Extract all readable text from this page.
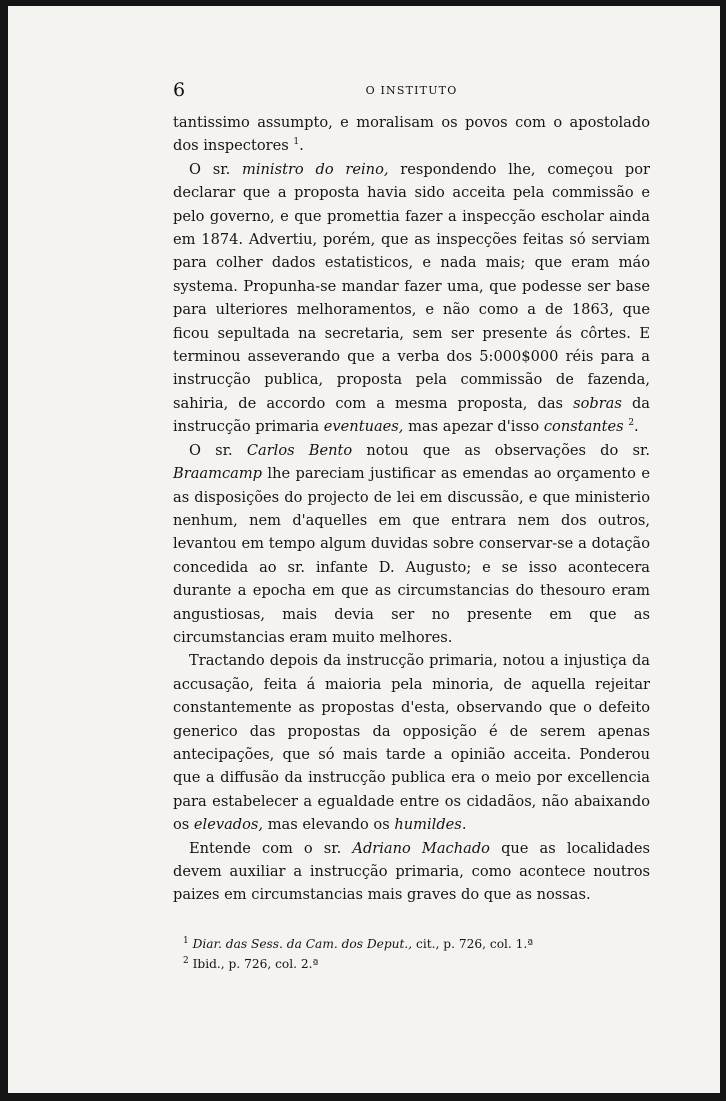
6	O INSTITUTO

tantissimo assumpto, e moralisam os povos com o apostolado dos inspectores $^1$.

O sr. ministro do reino, respondendo lhe, começou por declarar que a proposta havia sido acceita pela commissão e pelo governo, e que promettia fazer a inspecção escholar ainda em 1874. Advertiu, porém, que as inspecções feitas só serviam para colher dados estatisticos, e nada mais; que eram máo systema. Propunha-se mandar fazer uma, que podesse ser base para ulteriores melhoramentos, e não como a de 1863, que ficou sepultada na secretaria, sem ser presente ás côrtes. E terminou asseverando que a verba dos 5:000$000 réis para a instrucção publica, proposta pela commissão de fazenda, sahiria, de accordo com a mesma proposta, das sobras da instrucção primaria eventuaes, mas apezar d'isso constantes $^2$.

O sr. Carlos Bento notou que as observações do sr. Braamcamp lhe pareciam justificar as emendas ao orçamento e as disposições do projecto de lei em discussão, e que ministerio nenhum, nem d'aquelles em que entrara nem dos outros, levantou em tempo algum duvidas sobre conservar-se a dotação concedida ao sr. infante D. Augusto; e se isso acontecera durante a epocha em que as circumstancias do thesouro eram angustiosas, mais devia ser no presente em que as circumstancias eram muito melhores.

Tractando depois da instrucção primaria, notou a injustiça da accusação, feita á maioria pela minoria, de aquella rejeitar constantemente as propostas d'esta, observando que o defeito generico das propostas da opposição é de serem apenas antecipações, que só mais tarde a opinião acceita. Ponderou que a diffusão da instrucção publica era o meio por excellencia para estabelecer a egualdade entre os cidadãos, não abaixando os elevados, mas elevando os humildes.

Entende com o sr. Adriano Machado que as localidades devem auxiliar a instrucção primaria, como acontece noutros paizes em circumstancias mais graves do que as nossas.

$^1$ Diar. das Sess. da Cam. dos Deput., cit., p. 726, col. 1.ª
$^2$ Ibid., p. 726, col. 2.ª
